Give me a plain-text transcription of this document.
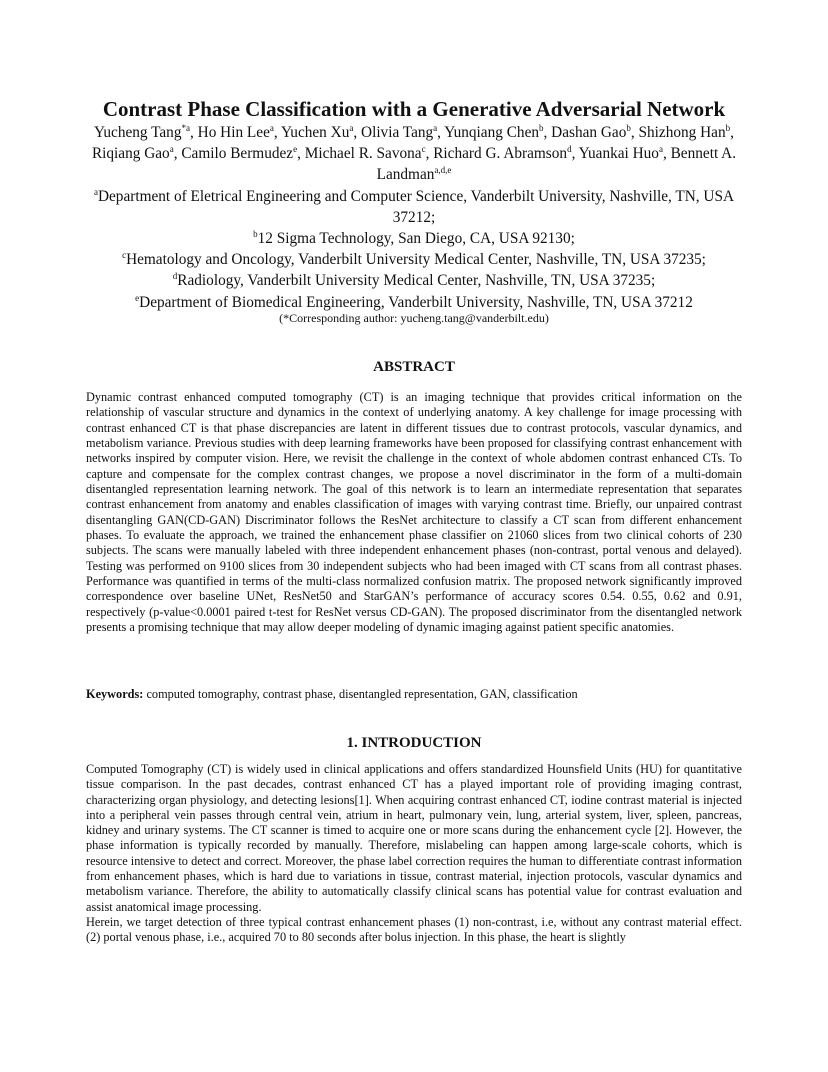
Contrast Phase Classification with a Generative Adversarial Network

Yucheng Tang$^{*a}$, Ho Hin Lee$^a$, Yuchen Xu$^a$, Olivia Tang$^a$, Yunqiang Chen$^b$, Dashan Gao$^b$, Shizhong Han$^b$, Riqiang Gao$^a$, Camilo Bermudez$^e$, Michael R. Savona$^c$, Richard G. Abramson$^d$, Yuankai Huo$^a$, Bennett A. Landman$^{a,d,e}$

$^a$Department of Eletrical Engineering and Computer Science, Vanderbilt University, Nashville, TN, USA 37212;

$^b$12 Sigma Technology, San Diego, CA, USA 92130;

$^c$Hematology and Oncology, Vanderbilt University Medical Center, Nashville, TN, USA 37235;

$^d$Radiology, Vanderbilt University Medical Center, Nashville, TN, USA 37235;

$^e$Department of Biomedical Engineering, Vanderbilt University, Nashville, TN, USA 37212

(*Corresponding author: yucheng.tang@vanderbilt.edu)
ABSTRACT

Dynamic contrast enhanced computed tomography (CT) is an imaging technique that provides critical information on the relationship of vascular structure and dynamics in the context of underlying anatomy. A key challenge for image processing with contrast enhanced CT is that phase discrepancies are latent in different tissues due to contrast protocols, vascular dynamics, and metabolism variance. Previous studies with deep learning frameworks have been proposed for classifying contrast enhancement with networks inspired by computer vision. Here, we revisit the challenge in the context of whole abdomen contrast enhanced CTs. To capture and compensate for the complex contrast changes, we propose a novel discriminator in the form of a multi-domain disentangled representation learning network. The goal of this network is to learn an intermediate representation that separates contrast enhancement from anatomy and enables classification of images with varying contrast time. Briefly, our unpaired contrast disentangling GAN(CD-GAN) Discriminator follows the ResNet architecture to classify a CT scan from different enhancement phases. To evaluate the approach, we trained the enhancement phase classifier on 21060 slices from two clinical cohorts of 230 subjects. The scans were manually labeled with three independent enhancement phases (non-contrast, portal venous and delayed). Testing was performed on 9100 slices from 30 independent subjects who had been imaged with CT scans from all contrast phases. Performance was quantified in terms of the multi-class normalized confusion matrix. The proposed network significantly improved correspondence over baseline UNet, ResNet50 and StarGAN’s performance of accuracy scores 0.54. 0.55, 0.62 and 0.91, respectively (p-value<0.0001 paired t-test for ResNet versus CD-GAN). The proposed discriminator from the disentangled network presents a promising technique that may allow deeper modeling of dynamic imaging against patient specific anatomies.

Keywords: computed tomography, contrast phase, disentangled representation, GAN, classification

1. INTRODUCTION

Computed Tomography (CT) is widely used in clinical applications and offers standardized Hounsfield Units (HU) for quantitative tissue comparison. In the past decades, contrast enhanced CT has a played important role of providing imaging contrast, characterizing organ physiology, and detecting lesions[1]. When acquiring contrast enhanced CT, iodine contrast material is injected into a peripheral vein passes through central vein, atrium in heart, pulmonary vein, lung, arterial system, liver, spleen, pancreas, kidney and urinary systems. The CT scanner is timed to acquire one or more scans during the enhancement cycle [2]. However, the phase information is typically recorded by manually. Therefore, mislabeling can happen among large-scale cohorts, which is resource intensive to detect and correct. Moreover, the phase label correction requires the human to differentiate contrast information from enhancement phases, which is hard due to variations in tissue, contrast material, injection protocols, vascular dynamics and metabolism variance. Therefore, the ability to automatically classify clinical scans has potential value for contrast evaluation and assist anatomical image processing.

Herein, we target detection of three typical contrast enhancement phases (1) non-contrast, i.e, without any contrast material effect. (2) portal venous phase, i.e., acquired 70 to 80 seconds after bolus injection. In this phase, the heart is slightly
